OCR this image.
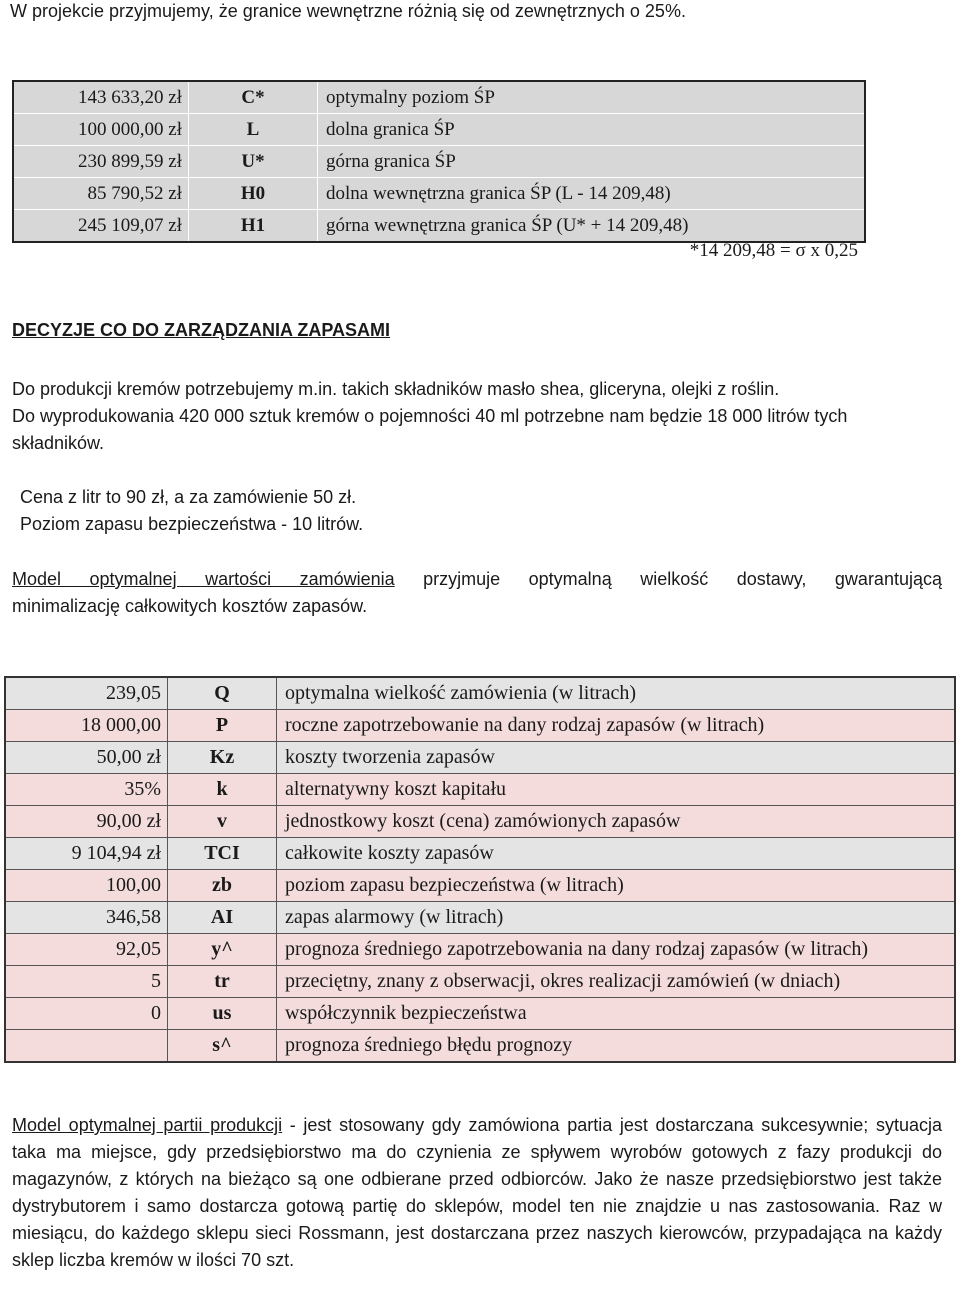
W projekcie przyjmujemy, że granice wewnętrzne różnią się od zewnętrznych o 25%.
143 633,20 zł	C*	optymalny poziom ŚP
100 000,00 zł	L	dolna granica ŚP
230 899,59 zł	U*	górna granica ŚP
85 790,52 zł	H0	dolna wewnętrzna granica ŚP (L - 14 209,48)
245 109,07 zł	H1	górna wewnętrzna granica ŚP (U* + 14 209,48)
*14 209,48 = σ x 0,25
DECYZJE CO DO ZARZĄDZANIA ZAPASAMI
Do produkcji kremów potrzebujemy m.in. takich składników masło shea, gliceryna, olejki z roślin.
Do wyprodukowania 420 000 sztuk kremów o pojemności 40 ml potrzebne nam będzie 18 000 litrów tych składników.
Cena z litr to 90 zł, a za zamówienie 50 zł.
Poziom zapasu bezpieczeństwa - 10 litrów.
Model optymalnej wartości zamówienia przyjmuje optymalną wielkość dostawy, gwarantującą
minimalizację całkowitych kosztów zapasów.
239,05	Q	optymalna wielkość zamówienia (w litrach)
18 000,00	P	roczne zapotrzebowanie na dany rodzaj zapasów (w litrach)
50,00 zł	Kz	koszty tworzenia zapasów
35%	k	alternatywny koszt kapitału
90,00 zł	v	jednostkowy koszt (cena) zamówionych zapasów
9 104,94 zł	TCI	całkowite koszty zapasów
100,00	zb	poziom zapasu bezpieczeństwa (w litrach)
346,58	AI	zapas alarmowy (w litrach)
92,05	y^	prognoza średniego zapotrzebowania na dany rodzaj zapasów (w litrach)
5	tr	przeciętny, znany z obserwacji, okres realizacji zamówień (w dniach)
0	us	współczynnik bezpieczeństwa
	s^	prognoza średniego błędu prognozy
Model optymalnej partii produkcji - jest stosowany gdy zamówiona partia jest dostarczana sukcesywnie; sytuacja taka ma miejsce, gdy przedsiębiorstwo ma do czynienia ze spływem wyrobów gotowych z fazy produkcji do magazynów, z których na bieżąco są one odbierane przed odbiorców. Jako że nasze przedsiębiorstwo jest także dystrybutorem i samo dostarcza gotową partię do sklepów, model ten nie znajdzie u nas zastosowania. Raz w miesiącu, do każdego sklepu sieci Rossmann, jest dostarczana przez naszych kierowców, przypadająca na każdy sklep liczba kremów w ilości 70 szt.
